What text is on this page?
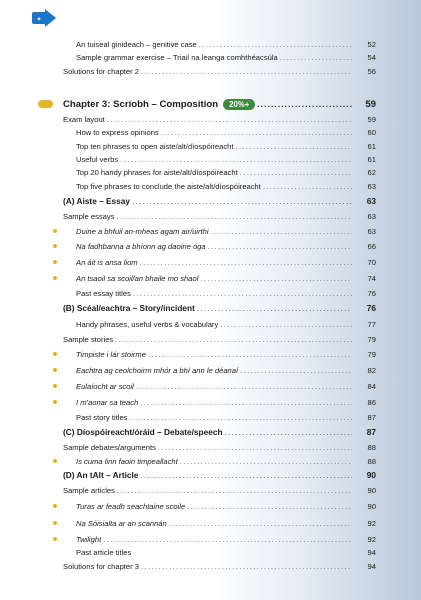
✦
An tuiseal ginideach – genitive case .....	52
Sample grammar exercise – Triail na leanga comhthéacsúla .....	54
Solutions for chapter 2 .....	56
Chapter 3: Scríobh – Composition	20%+ .....	59
Exam layout .....	59
How to express opinions .....	60
Top ten phrases to open aiste/alt/díospóireacht .....	61
Useful verbs .....	61
Top 20 handy phrases for aiste/alt/díospóireacht .....	62
Top five phrases to conclude the aiste/alt/díospóireacht .....	63
(A) Aiste – Essay .....	63
Sample essays .....	63
Duine a bhfuil an-mheas agam air/uirthi .....	63
Na fadhbanna a bhíonn ag daoine óga .....	66
An áit is ansa liom .....	70
An tsaoil sa scoil/an bhaile mo shaol .....	74
Past essay titles .....	76
(B) Scéal/eachtra – Story/incident .....	76
Handy phrases, useful verbs & vocabulary .....	77
Sample stories .....	79
Timpiste i lár stoirme .....	79
Eachtra ag ceolchoirm mhór a bhí ann le déanaí .....	82
Eulaíocht ar scoil .....	84
I m'aonar sa teach .....	86
Past story titles .....	87
(C) Díospóireacht/óráid – Debate/speech .....	87
Sample debates/arguments .....	88
Is cuma linn faoin timpeallacht .....	88
(D) An tAlt – Article .....	90
Sample articles .....	90
Turas ar feadh seachtaine scoile .....	90
Na Sóisialta ar an scannán .....	92
Twilight .....	92
Past article titles	94
Solutions for chapter 3 .....	94
